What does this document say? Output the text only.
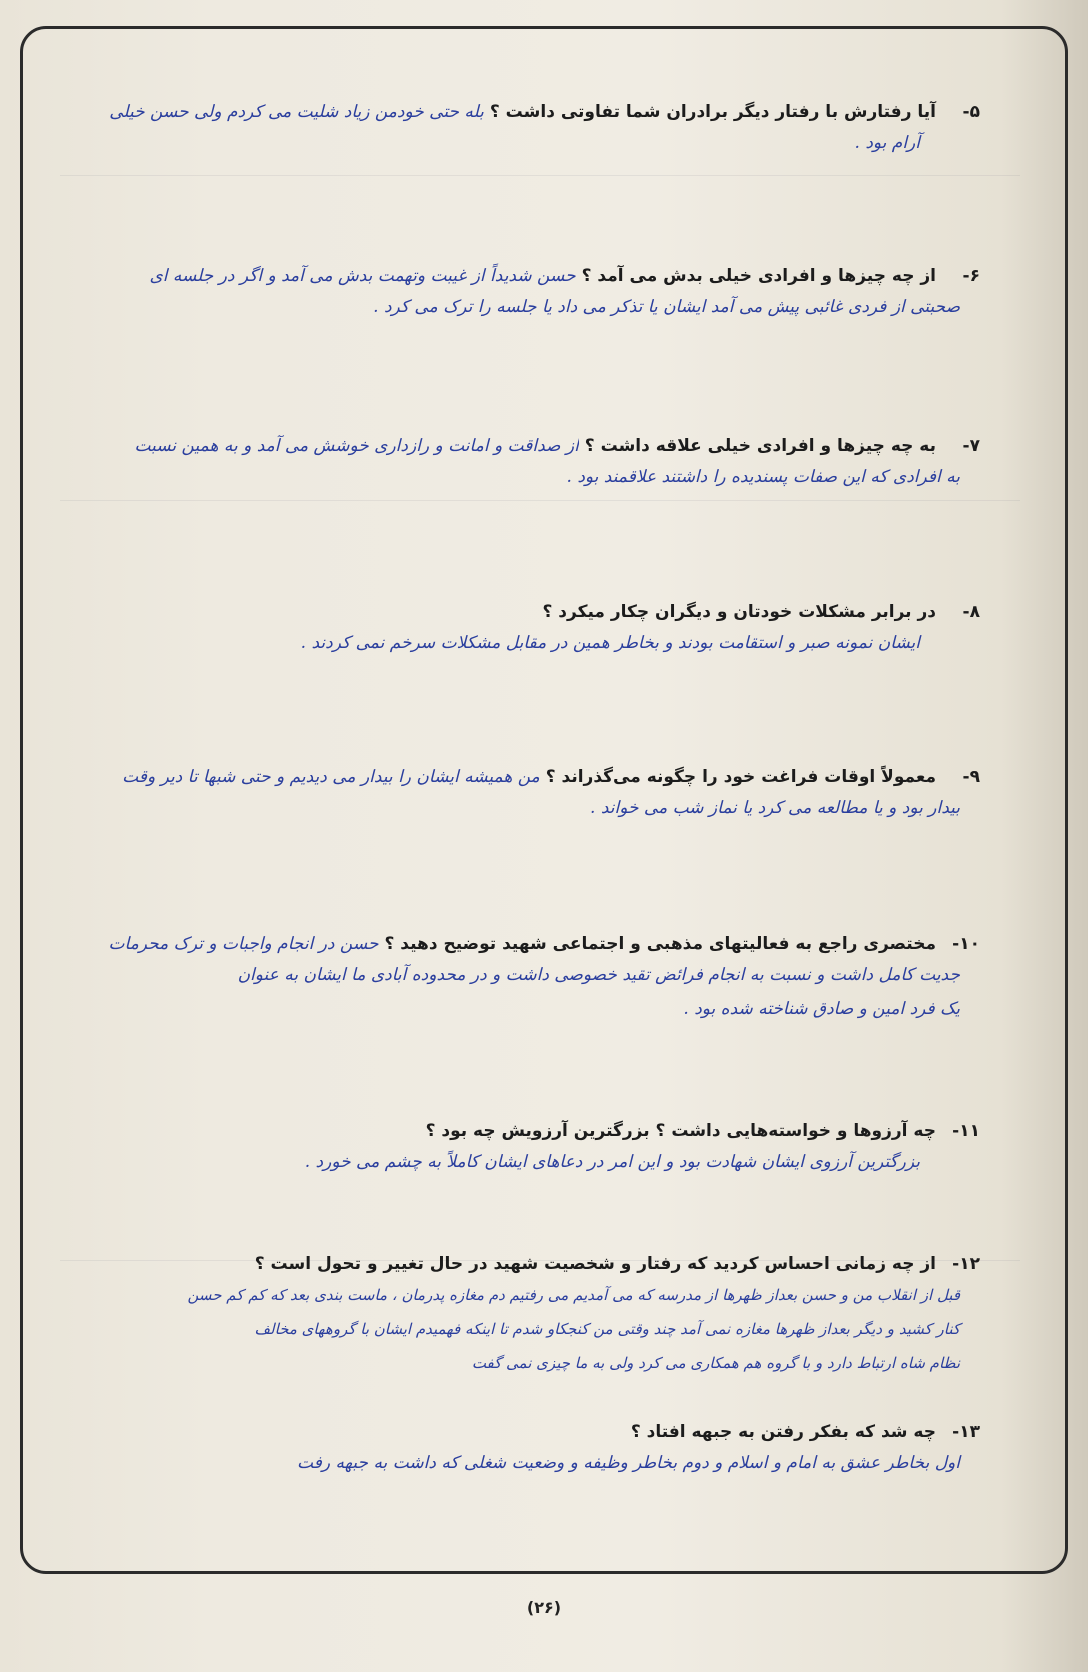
۵-
آیا رفتارش با رفتار دیگر برادران شما تفاوتی داشت ؟
بله حتی خودمن زیاد شلیت می کردم ولی حسن خیلی
آرام بود .
۶-
از چه چیزها و افرادی خیلی بدش می آمد ؟
حسن شدیداً از غیبت وتهمت بدش می آمد و اگر در جلسه ای
صحبتی از فردی غائبی پیش می آمد ایشان یا تذکر می داد یا جلسه را ترک می کرد .
۷-
به چه چیزها و افرادی خیلی علاقه داشت ؟
از صداقت و امانت و رازداری خوشش می آمد و به همین نسبت
به افرادی که این صفات پسندیده را داشتند علاقمند بود .
۸-
در برابر مشکلات خودتان و دیگران چکار میکرد ؟
ایشان نمونه صبر و استقامت بودند و بخاطر همین در مقابل مشکلات سرخم نمی کردند .
۹-
معمولاً اوقات فراغت خود را چگونه می‌گذراند ؟
من همیشه ایشان را بیدار می دیدیم و حتی شبها تا دیر وقت
بیدار بود و یا مطالعه می کرد یا نماز شب می خواند .
۱۰-
مختصری راجع به فعالیتهای مذهبی و اجتماعی شهید توضیح دهید ؟
حسن در انجام واجبات و ترک محرمات
جدیت کامل داشت و نسبت به انجام فرائض تقید خصوصی داشت و در محدوده آبادی ما ایشان به عنوان
یک فرد امین و صادق شناخته شده بود .
۱۱-
چه آرزوها و خواسته‌هایی داشت ؟ بزرگترین آرزویش چه بود ؟
بزرگترین آرزوی ایشان شهادت بود و این امر در دعاهای ایشان کاملاً به چشم می خورد .
۱۲-
از چه زمانی احساس کردید که رفتار و شخصیت شهید در حال تغییر و تحول است ؟
قبل از انقلاب من و حسن بعداز ظهرها از مدرسه که می آمدیم می رفتیم دم مغازه پدرمان ، ماست بندی بعد که کم کم حسن
کنار کشید و دیگر بعداز ظهرها مغازه نمی آمد چند وقتی من کنجکاو شدم تا اینکه فهمیدم ایشان با گروههای مخالف
نظام شاه ارتباط دارد و با گروه هم همکاری می کرد ولی به ما چیزی نمی گفت
۱۳-
چه شد که بفکر رفتن به جبهه افتاد ؟
اول بخاطر عشق به امام و اسلام و دوم بخاطر وظیفه و وضعیت شغلی که داشت به جبهه رفت
(۲۶)
